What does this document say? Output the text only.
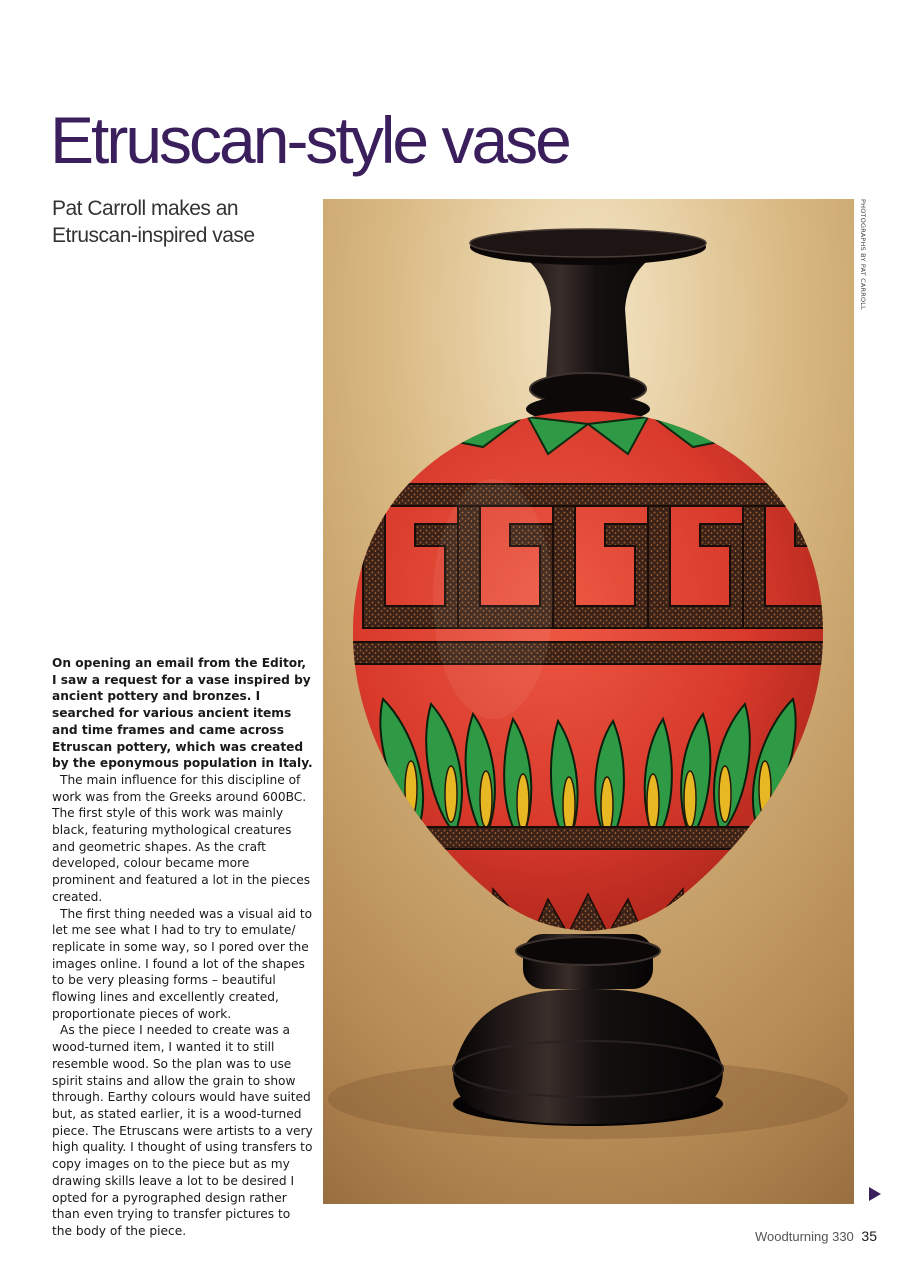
Etruscan-style vase
Pat Carroll makes an Etruscan-inspired vase	PHOTOGRAPHS BY PAT CARROLL

On opening an email from the Editor, I saw a request for a vase inspired by ancient pottery and bronzes. I searched for various ancient items and time frames and came across Etruscan pottery, which was created by the eponymous population in Italy.

The main influence for this discipline of work was from the Greeks around 600BC. The first style of this work was mainly black, featuring mythological creatures and geometric shapes. As the craft developed, colour became more prominent and featured a lot in the pieces created.

The first thing needed was a visual aid to let me see what I had to try to emulate/ replicate in some way, so I pored over the images online. I found a lot of the shapes to be very pleasing forms – beautiful flowing lines and excellently created, proportionate pieces of work.

As the piece I needed to create was a wood-turned item, I wanted it to still resemble wood. So the plan was to use spirit stains and allow the grain to show through. Earthy colours would have suited but, as stated earlier, it is a wood-turned piece. The Etruscans were artists to a very high quality. I thought of using transfers to copy images on to the piece but as my drawing skills leave a lot to be desired I opted for a pyrographed design rather than even trying to transfer pictures to the body of the piece.	Woodturning 330 35
